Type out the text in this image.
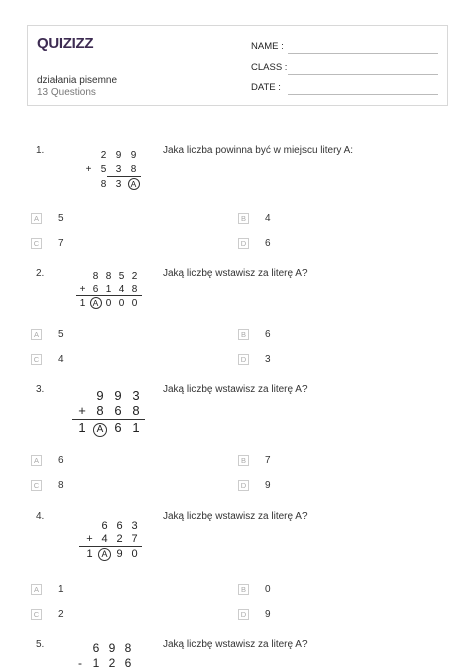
QUIZIZZ
działania pisemne
13 Questions
NAME :
CLASS :
DATE :
1.	Jaka liczba powinna być w miejscu litery A:
2 9 9
+ 5 3 8
8 3 A
A	5	B	4
C 7	D 6
2.	Jaką liczbę wstawisz za literę A?
8 8 5 2
+ 6 1 4 8
1 A 0 0 0
A	5	B	6
C 4	D 3
3.	Jaką liczbę wstawisz za literę A?
9 9 3
+ 8 6 8
1 A 6 1
A	6	B	7
C 8	D 9
4.	Jaką liczbę wstawisz za literę A?
6 6 3
+ 4 2 7
1 A 9 0
A	1	B	0
C 2	D 9
5.	Jaką liczbę wstawisz za literę A?
6 9 8
- 1 2 6
